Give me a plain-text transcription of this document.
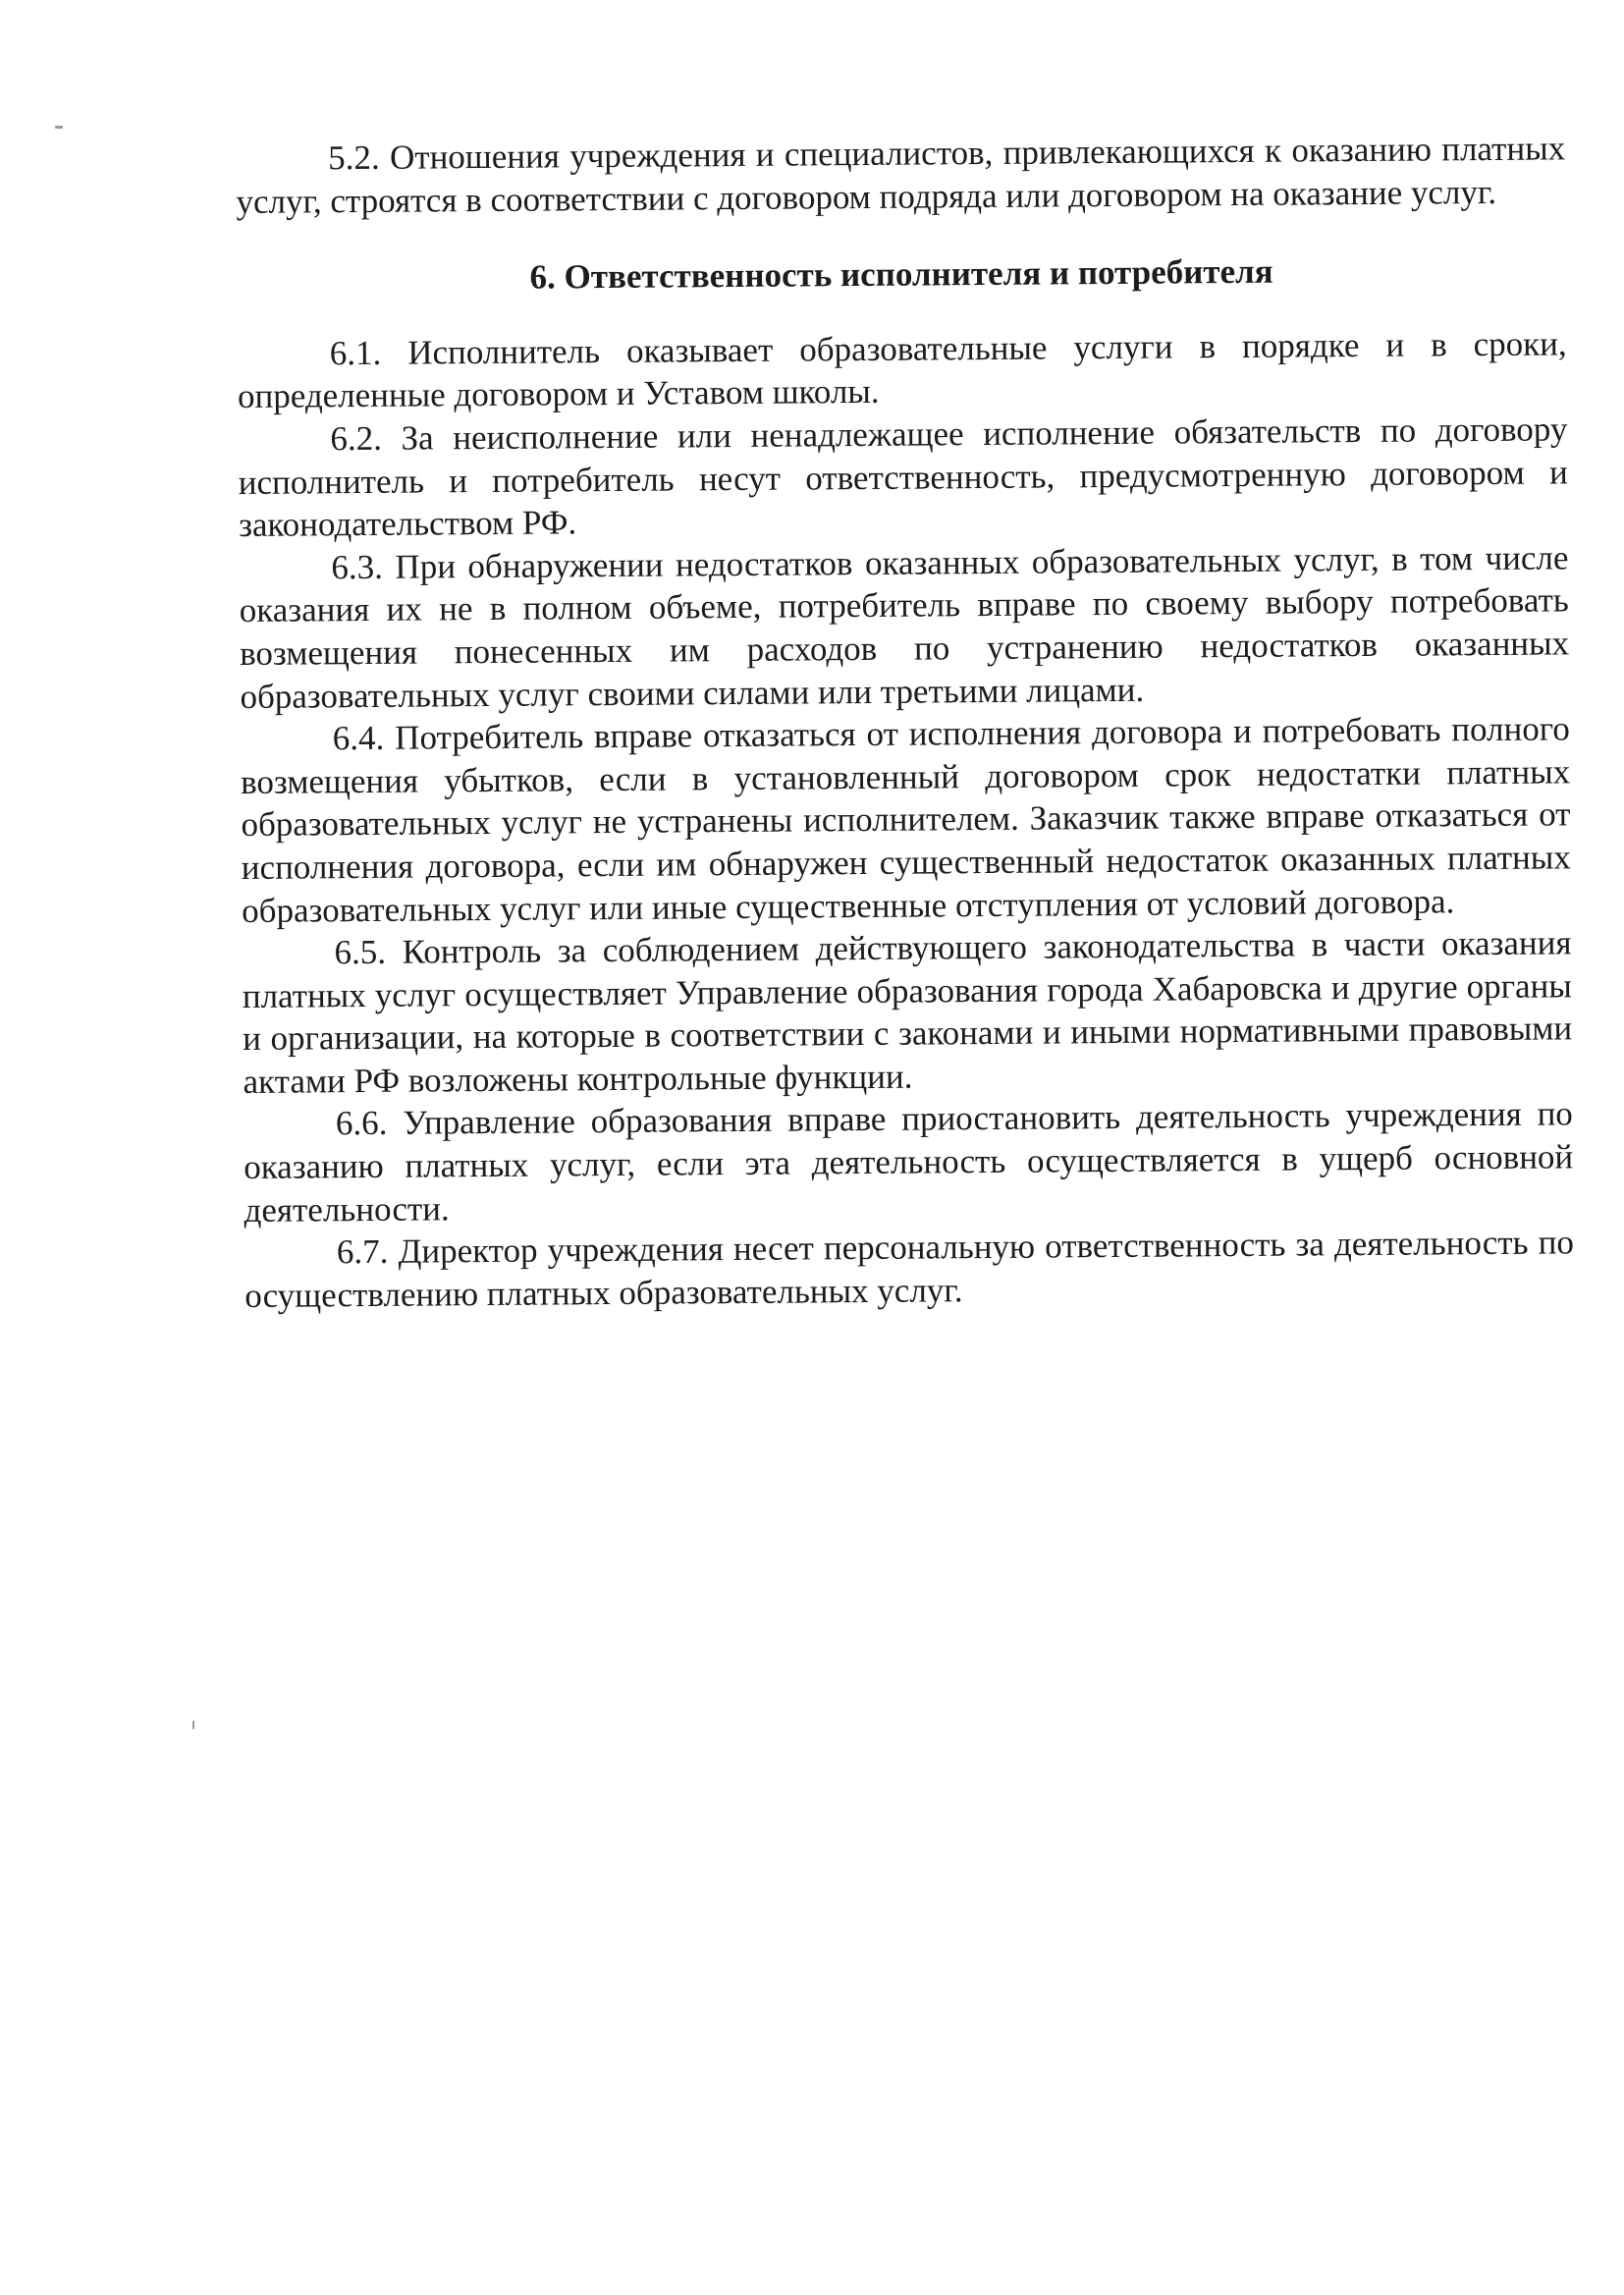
5.2. Отношения учреждения и специалистов, привлекающихся к оказанию платных услуг, строятся в соответствии с договором подряда или договором на оказание услуг.

6. Ответственность исполнителя и потребителя

6.1. Исполнитель оказывает образовательные услуги в порядке и в сроки, определенные договором и Уставом школы.

6.2. За неисполнение или ненадлежащее исполнение обязательств по договору исполнитель и потребитель несут ответственность, предусмотренную договором и законодательством РФ.

6.3. При обнаружении недостатков оказанных образовательных услуг, в том числе оказания их не в полном объеме, потребитель вправе по своему выбору потребовать возмещения понесенных им расходов по устранению недостатков оказанных образовательных услуг своими силами или третьими лицами.

6.4. Потребитель вправе отказаться от исполнения договора и потребовать полного возмещения убытков, если в установленный договором срок недостатки платных образовательных услуг не устранены исполнителем. Заказчик также вправе отказаться от исполнения договора, если им обнаружен существенный недостаток оказанных платных образовательных услуг или иные существенные отступления от условий договора.

6.5. Контроль за соблюдением действующего законодательства в части оказания платных услуг осуществляет Управление образования города Хабаровска и другие органы и организации, на которые в соответствии с законами и иными нормативными правовыми актами РФ возложены контрольные функции.

6.6. Управление образования вправе приостановить деятельность учреждения по оказанию платных услуг, если эта деятельность осуществляется в ущерб основной деятельности.

6.7. Директор учреждения несет персональную ответственность за деятельность по осуществлению платных образовательных услуг.
